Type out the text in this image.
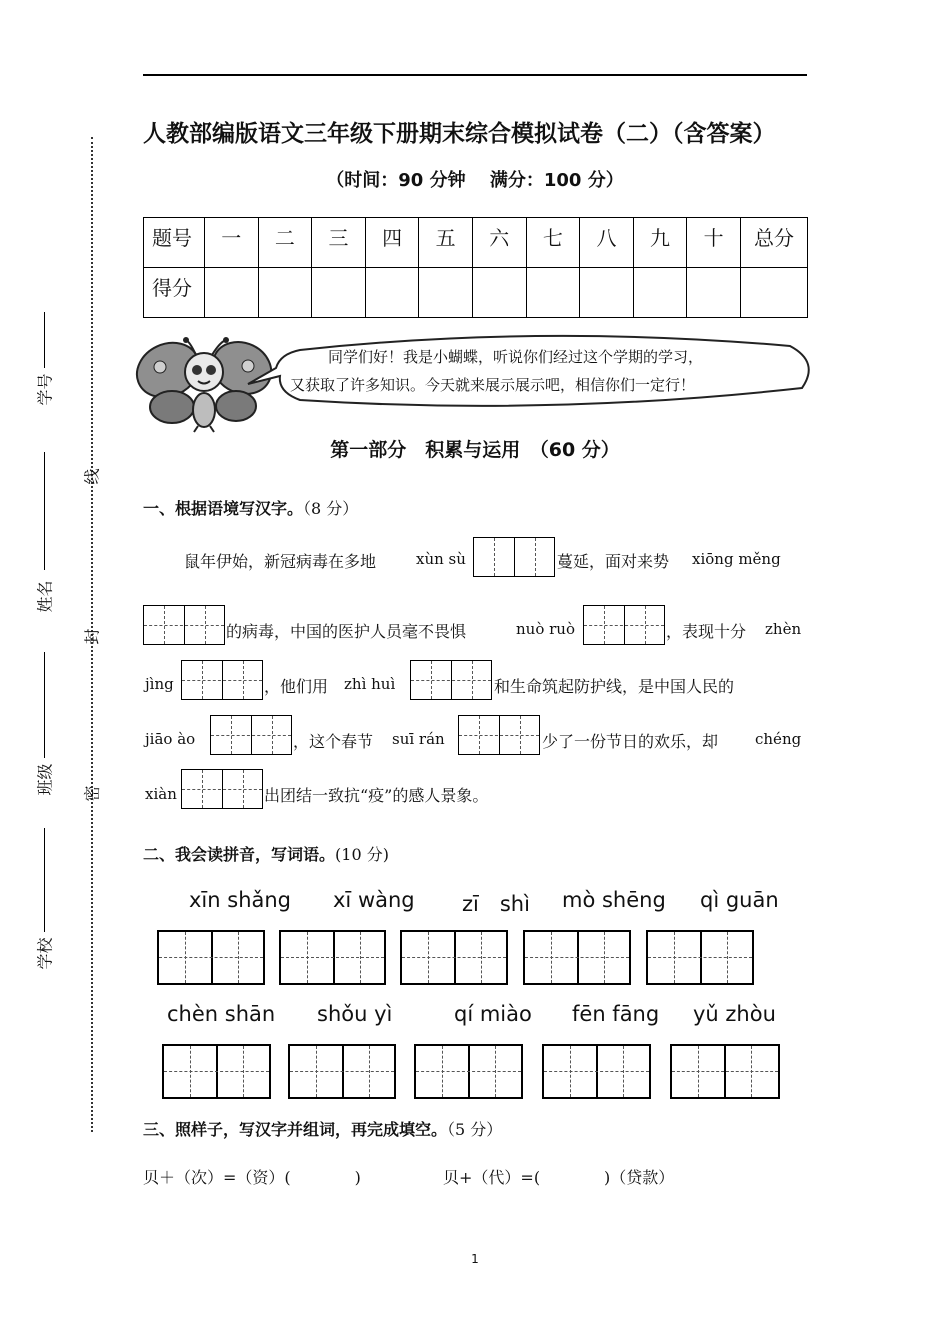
学号
姓名
班级
学校
线
封
密
人教部编版语文三年级下册期末综合模拟试卷（二）（含答案）
（时间：90 分钟　 满分：100 分）
题号	一	二	三	四	五	六	七	八	九	十	总分
得分											
同学们好！我是小蝴蝶，听说你们经过这个学期的学习，
又获取了许多知识。今天就来展示展示吧，相信你们一定行！
第一部分　积累与运用　（60 分）
一、根据语境写汉字。（8 分）
鼠年伊始，新冠病毒在多地	xùn sù	蔓延，面对来势 xiōng měng
的病毒，中国的医护人员毫不畏惧	nuò ruò	，表现十分 zhèn
jìng	，他们用 zhì huì	和生命筑起防护线，是中国人民的
jiāo ào	，这个春节 suī rán	少了一份节日的欢乐，却 chéng
xiàn	出团结一致抗“疫”的感人景象。
二、我会读拼音，写词语。(10 分)
xīn shǎng xī wàng zī　shì mò shēng qì guān
chèn shān shǒu yì	qí miào fēn fāng yǔ zhòu
三、照样子，写汉字并组词，再完成填空。（5 分）
贝＋（次）=（资）(　　　　)	贝+（代）=(　　　　)（贷款）
1
